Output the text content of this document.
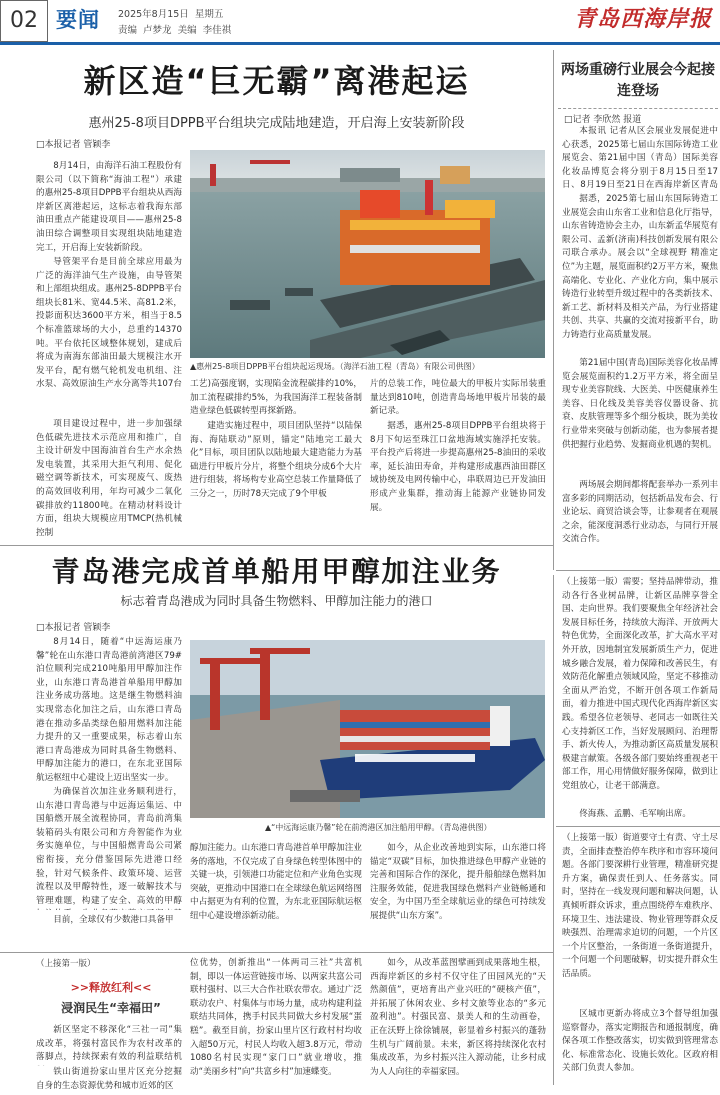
02 要闻 2025年8月15日 星期五
责编 卢梦龙 美编 李佳祺	青岛西海岸报
新区造“巨无霸”离港起运
惠州25-8项目DPPB平台组块完成陆地建造，开启海上安装新阶段
□本报记者 管颖李
8月14日，由海洋石油工程股份有限公司（以下简称“海油工程”）承建的惠州25-8项目DPPB平台组块从西海岸新区离港起运，这标志着我海东部油田重点产能建设项目——惠州25-8油田综合调整项目实现组块陆地建造完工，开启海上安装新阶段。
导管架平台是目前全球应用最为广泛的海洋油气生产设施，由导管架和上部组块组成。惠州25-8DPPB平台组块长81米、宽44.5米、高81.2米，投影面积达3600平方米，相当于8.5个标准篮球场的大小，总重约14370吨。平台依托区域整体规划，建成后将成为南海东部油田最大规模注水开发平台，配有燃气轮机发电机组、注水泵、高效原油生产水分离等共107台
项目建设过程中，进一步加强绿色低碳先进技术示范应用和推广，自主设计研发中国海油首台生产水余热发电装置，其采用大拒气利用、促化磁空调等新技术，可实现废气、废热的高效回收利用，年均可减少二氧化碳排放约11800吨。在精动材料设计方面，组块大规模应用TMCP(热机械控制
▲惠州25-8项目DPPB平台组块起运现场。（海洋石油工程（青岛）有限公司供图）
工艺)高强度钢，实现陷金流程碳排约10%，加工流程碳排约5%，为我国海洋工程装备制造业绿色低碳转型再探新路。
建造实施过程中，项目团队坚持“以陆保海、海陆联动”原则，锚定“陆地完工最大化”目标，项目团队以陆地最大建造能力为基础进行甲板片分片，将整个组块分成6个大片进行组装，将场构专业高空总装工作量降低了三分之一，历时78天完成了9个甲板
片的总装工作，吨位最大的甲板片实际吊装重量达到810吨，创造青岛场地甲板片吊装的最新记录。
据悉，惠州25-8项目DPPB平台组块将于8月下旬运至珠江口盆地海域实施浮托安装。平台投产后将进一步提高惠州25-8油田的采收率，延长油田寿命，并构建形成惠西油田群区域协统及电网传输中心，串联周边已开发油田形成产业集群，推动海上能源产业链协同发展。
两场重磅行业展会今起接连登场
□记者 李欣然 报道
本报讯 记者从区会展业发展促进中心获悉，2025第七届山东国际铸造工业展览会、第21届中国（青岛）国际美容化妆品博览会将分别于8月15日至17日、8月19日至21日在西海岸新区青岛
据悉，2025第七届山东国际铸造工业展览会由山东省工业和信息化厅指导，山东省铸造协会主办，山东新孟华展览有限公司、孟新(济南)科技创新发展有限公司联合承办。展会以“全球视野 精准定位”为主题，展览面积约2万平方米，聚焦高端化、专业化、产业化方向，集中展示铸造行业转型升级过程中的各类新技术、新工艺、新材料及相关产品，为行业搭建共创、共享、共赢的交流对接新平台，助力铸造行业高质量发展。
第21届中国(青岛)国际美容化妆品博览会展览面积约1.2万平方米，将全面呈现专业美容院线、大医美、中医健康养生美容、日化线及美容美容仪器设备、抗衰、皮肤管理等多个细分板块，既为美妆行业带来突破与创新动能，也为参展者提供把握行业趋势、发掘商业机遇的契机。
两场展会期间都将配套举办一系列丰富多彩的同期活动，包括新品发布会、行业论坛、商贸洽谈会等，让参观者在观展之余，能深度洞悉行业动态，与同行开展交流合作。
（上接第一版）需要；坚持品牌带动，推动各行各业树品牌，让新区品牌享誉全国、走向世界。我们要聚焦全年经济社会发展目标任务，持续放大海洋、开放两大特色优势，全面深化改革，扩大高水平对外开放，因地制宜发展新质生产力，促进城乡融合发展，着力保障和改善民生，有效防范化解重点领域风险，坚定不移推动全面从严治党，不断开创各项工作新局面，着力推进中国式现代化西海岸新区实践。希望各位老领导、老同志一如既往关心支持新区工作，当好发展顾问、治理帮手、新火传人，为推动新区高质量发展积极建言献策。各级各部门要始终重视老干部工作，用心用情做好服务保障，做到让党组放心，让老干部满意。
佟海燕、孟鹏、毛军响出席。
（上接第一版）街道要守土有责、守土尽责，全面排查整治停车秩序和市容环境问题。各部门要深耕行业管理，精准研究提升方案，确保责任到人、任务落实。同时，坚持在一线发现问题和解决问题，认真倾听群众诉求，重点围绕停车难秩序、环境卫生、违法建设、物业管理等群众反映强烈、治理需求迫切的问题，一个片区一个片区整治，一条街道一条街道提升，一个问题一个问题破解，切实提升群众生活品质。
区城市更新办将成立3个督导组加强巡察督办，落实定期报告和通报制度，确保各项工作整改落实，切实做到管理常态化、标准常态化、设施长效化。区政府相关部门负责人参加。
青岛港完成首单船用甲醇加注业务
标志着青岛港成为同时具备生物燃料、甲醇加注能力的港口
□本报记者 管颖李
8月14日，随着“中远海运康乃馨”轮在山东港口青岛港前湾港区79#泊位顺利完成210吨船用甲醇加注作业，山东港口青岛港首单船用甲醇加注业务成功落地。这是继生物燃料油实现常态化加注之后，山东港口青岛港在推动多品类绿色船用燃料加注能力提升的又一重要成果，标志着山东港口青岛港成为同时具备生物燃料、甲醇加注能力的港口，在东北亚国际航运枢纽中心建设上迈出坚实一步。
为确保首次加注业务顺利进行，山东港口青岛港与中远海运集运、中国船燃开展全流程协同，青岛前湾集装箱码头有限公司和方舟智能作为业务实施单位，与中国船燃青岛公司紧密衔接，充分借鉴国际先进港口经验，针对气候条件、政策环境、运营流程以及甲醇特性，逐一破解技术与管理难题，构建了安全、高效的甲醇
目前，全球仅有少数港口具备甲
▲“中远海运康乃馨”轮在前湾港区加注船用甲醇。（青岛港供图）
醇加注能力。山东港口青岛港首单甲醇加注业务的落地，不仅完成了自身绿色转型体图中的关键一块，引领港口功能定位和产业角色实现突破，更推动中国港口在全球绿色航运网络图中占据更为有利的位置，为东北亚国际航运枢纽中心建设增添新动能。
如今，从企业改善地到实际，山东港口将锚定“双碳”目标，加快推进绿色甲醇产业链的完善和国际合作的深化，提升船舶绿色燃料加注服务效能，促进我国绿色燃料产业链畅通和安全，为中国乃至全球航运业的绿色可持续发展提供“山东方案”。
（上接第一版）
>>释放红利<<
浸润民生“幸福田”
新区坚定不移深化“三社一司”集成改革，将强村富民作为农村改革的落脚点，持续探索有效的利益联结机
铁山街道扮家山里片区充分挖掘自身的生态资源优势和城市近郊的区
位优势，创新推出“一体两司三社”共富机制，即以一体运营链接市场、以两家共富公司联村强村、以三大合作社联农带农。通过广泛联动农户、村集体与市场力量，成功构建利益联结共同体，携手村民共同做大乡村发展“蛋糕”。截至目前，扮家山里片区行政村村均收入超50万元，村民人均收入超3.8万元，带动1080名村民实现“家门口”就业增收，推动“美丽乡村”向“共富乡村”加速蝶变。
如今，从改革蓝图擘画到成果落地生根，西海岸新区的乡村不仅守住了田园风光的“天然颜值”，更培育出产业兴旺的“硬核产值”，并拓展了休闲农业、乡村文旅等业态的“多元盈利池”。村强民富、景美人和的生动画卷，正在沃野上徐徐铺展，彰显着乡村振兴的蓬勃生机与广阔前景。未来，新区将持续深化农村集成改革，为乡村振兴注入源动能，让乡村成为人人向往的幸福家园。
